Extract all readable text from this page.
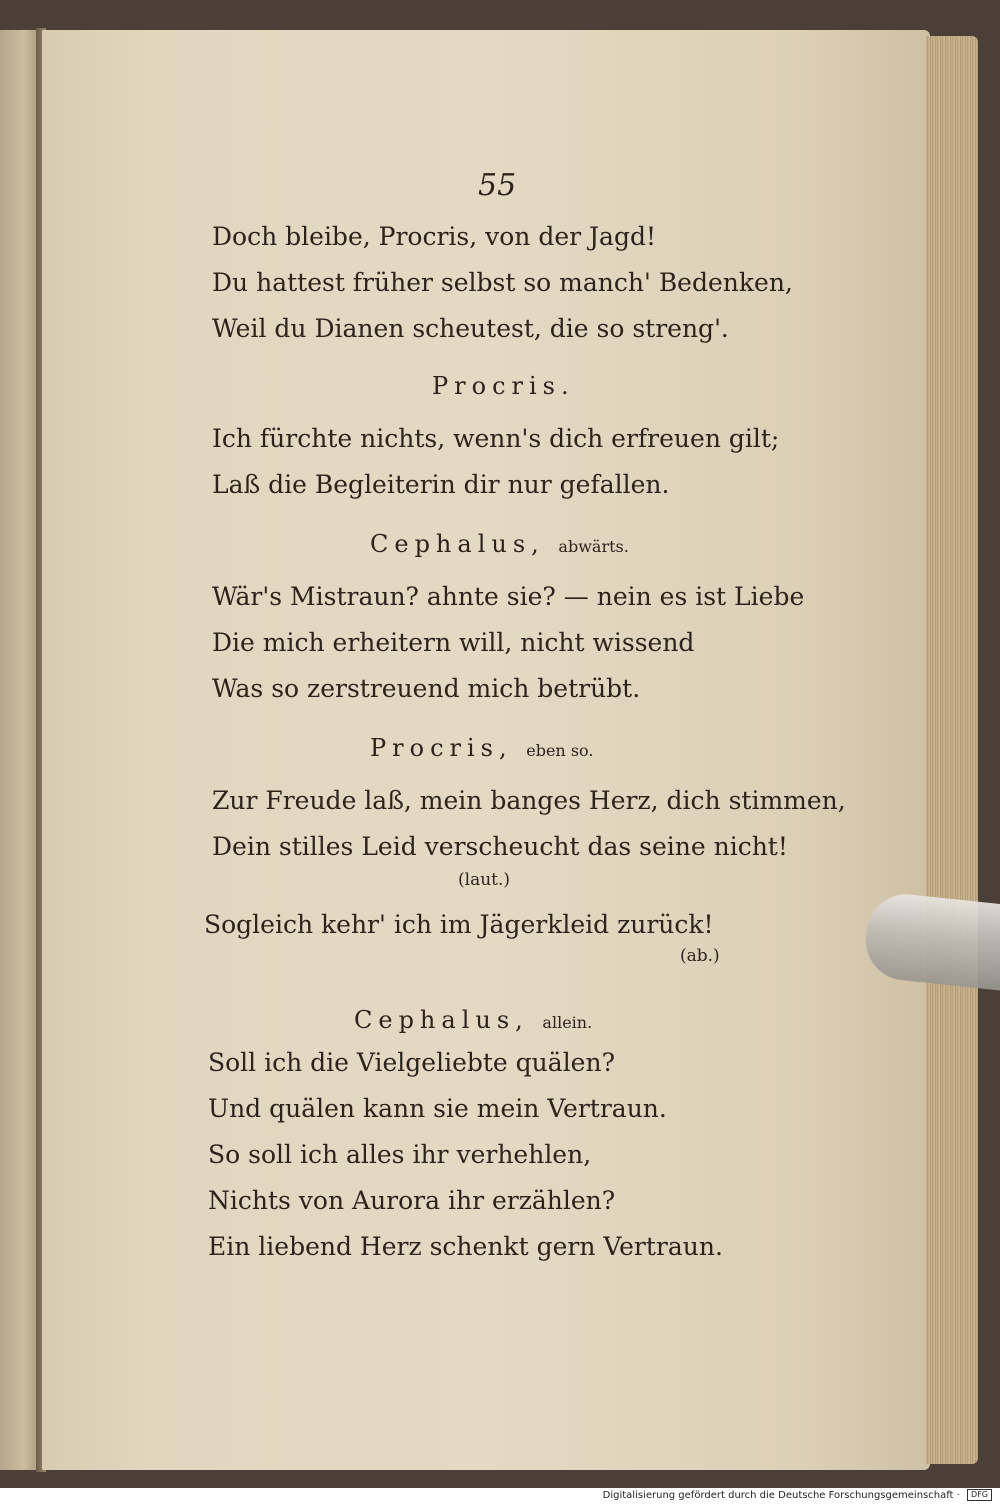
55
Doch bleibe, Procris, von der Jagd!
Du hattest früher selbst so manch' Bedenken,
Weil du Dianen scheutest, die so streng'.
Procris.
Ich fürchte nichts, wenn's dich erfreuen gilt;
Laß die Begleiterin dir nur gefallen.
Cephalus, abwärts.
Wär's Mistraun? ahnte sie? — nein es ist Liebe
Die mich erheitern will, nicht wissend
Was so zerstreuend mich betrübt.
Procris, eben so.
Zur Freude laß, mein banges Herz, dich stimmen,
Dein stilles Leid verscheucht das seine nicht!
(laut.)
Sogleich kehr' ich im Jägerkleid zurück!
(ab.)
Cephalus, allein.
Soll ich die Vielgeliebte quälen?
Und quälen kann sie mein Vertraun.
So soll ich alles ihr verhehlen,
Nichts von Aurora ihr erzählen?
Ein liebend Herz schenkt gern Vertraun.
Digitalisierung gefördert durch die Deutsche Forschungsgemeinschaft · DFG
